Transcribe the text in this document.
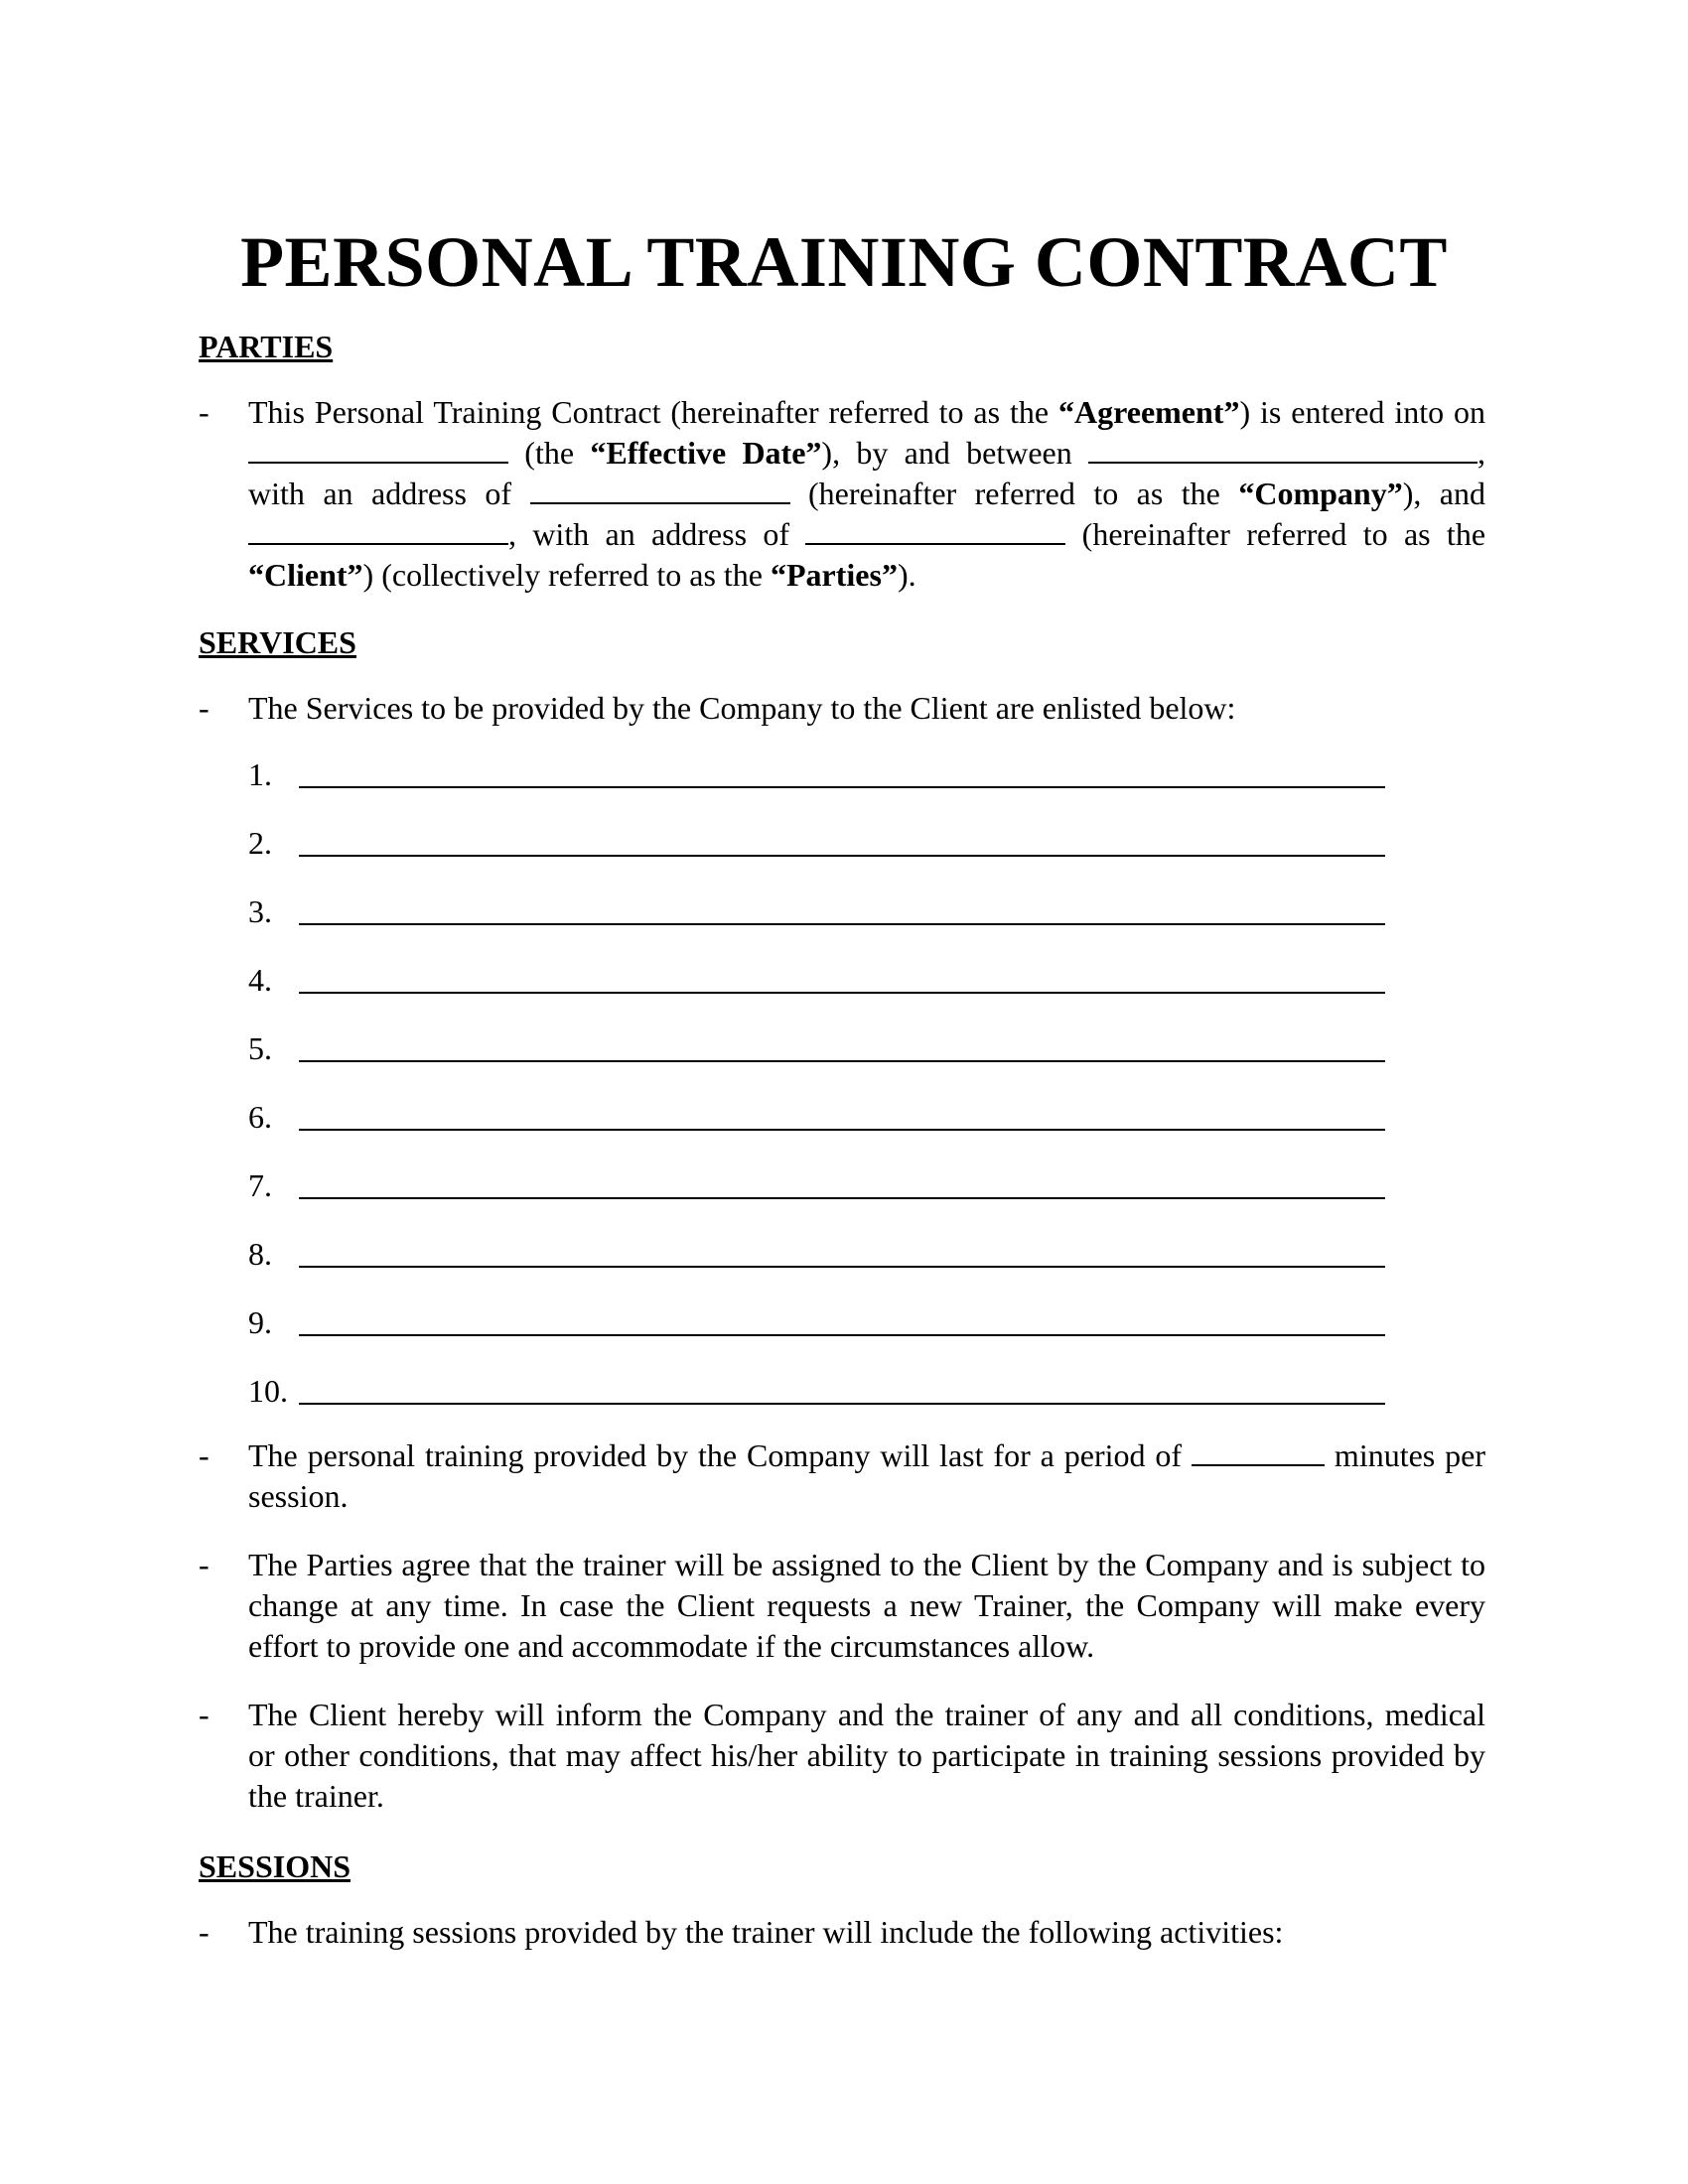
PERSONAL TRAINING CONTRACT
PARTIES
- This Personal Training Contract (hereinafter referred to as the “Agreement”) is entered into on
(the “Effective Date”), by and between	,
with an address of	(hereinafter referred to as the “Company”), and
, with an address of	(hereinafter referred to as the
“Client”) (collectively referred to as the “Parties”).
SERVICES
- The Services to be provided by the Company to the Client are enlisted below:
1.
2.
3.
4.
5.
6.
7.
8.
9.
10.
- The personal training provided by the Company will last for a period of	minutes per
session.
- The Parties agree that the trainer will be assigned to the Client by the Company and is subject to
change at any time. In case the Client requests a new Trainer, the Company will make every
effort to provide one and accommodate if the circumstances allow.
- The Client hereby will inform the Company and the trainer of any and all conditions, medical
or other conditions, that may affect his/her ability to participate in training sessions provided by
the trainer.
SESSIONS
- The training sessions provided by the trainer will include the following activities:
